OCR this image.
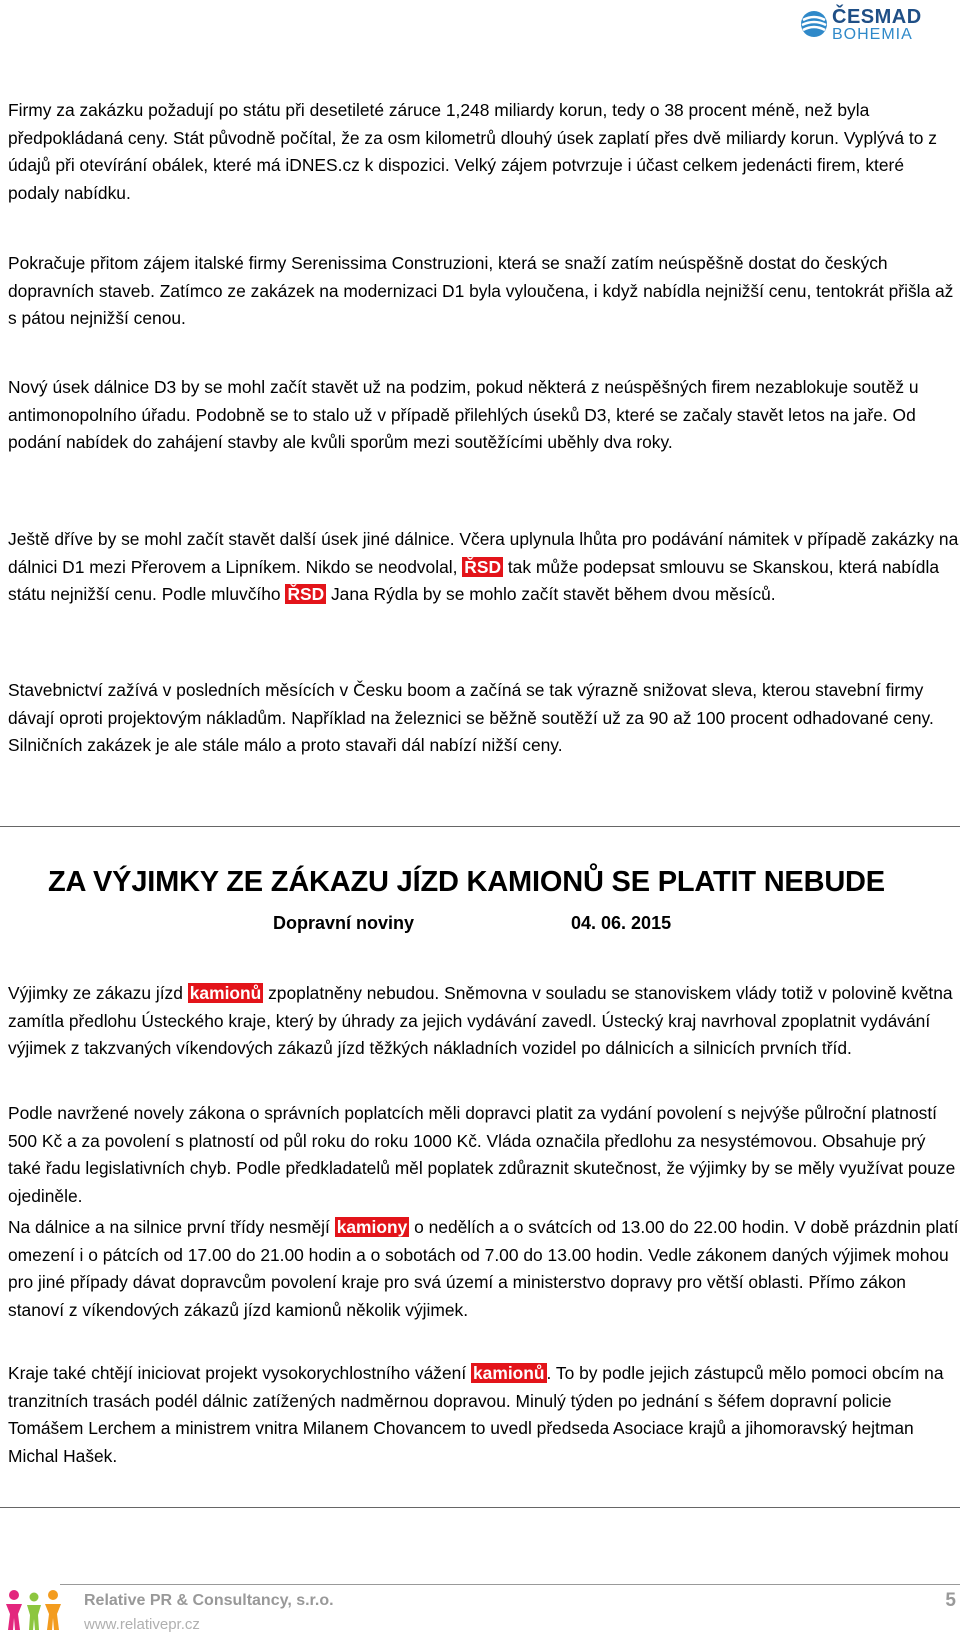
ČESMAD
BOHEMIA

Firmy za zakázku požadují po státu při desetileté záruce 1,248 miliardy korun, tedy o 38 procent méně, než byla předpokládaná ceny. Stát původně počítal, že za osm kilometrů dlouhý úsek zaplatí přes dvě miliardy korun. Vyplývá to z údajů při otevírání obálek, které má iDNES.cz k dispozici. Velký zájem potvrzuje i účast celkem jedenácti firem, které podaly nabídku.

Pokračuje přitom zájem italské firmy Serenissima Construzioni, která se snaží zatím neúspěšně dostat do českých dopravních staveb. Zatímco ze zakázek na modernizaci D1 byla vyloučena, i když nabídla nejnižší cenu, tentokrát přišla až s pátou nejnižší cenou.

Nový úsek dálnice D3 by se mohl začít stavět už na podzim, pokud některá z neúspěšných firem nezablokuje soutěž u antimonopolního úřadu. Podobně se to stalo už v případě přilehlých úseků D3, které se začaly stavět letos na jaře. Od podání nabídek do zahájení stavby ale kvůli sporům mezi soutěžícími uběhly dva roky.

Ještě dříve by se mohl začít stavět další úsek jiné dálnice. Včera uplynula lhůta pro podávání námitek v případě zakázky na dálnici D1 mezi Přerovem a Lipníkem. Nikdo se neodvolal, ŘSD tak může podepsat smlouvu se Skanskou, která nabídla státu nejnižší cenu. Podle mluvčího ŘSD Jana Rýdla by se mohlo začít stavět během dvou měsíců.

Stavebnictví zažívá v posledních měsících v Česku boom a začíná se tak výrazně snižovat sleva, kterou stavební firmy dávají oproti projektovým nákladům. Například na železnici se běžně soutěží už za 90 až 100 procent odhadované ceny. Silničních zakázek je ale stále málo a proto stavaři dál nabízí nižší ceny.

ZA VÝJIMKY ZE ZÁKAZU JÍZD KAMIONŮ SE PLATIT NEBUDE
Dopravní noviny	04. 06. 2015

Výjimky ze zákazu jízd kamionů zpoplatněny nebudou. Sněmovna v souladu se stanoviskem vlády totiž v polovině května zamítla předlohu Ústeckého kraje, který by úhrady za jejich vydávání zavedl. Ústecký kraj navrhoval zpoplatnit vydávání výjimek z takzvaných víkendových zákazů jízd těžkých nákladních vozidel po dálnicích a silnicích prvních tříd.

Podle navržené novely zákona o správních poplatcích měli dopravci platit za vydání povolení s nejvýše půlroční platností 500 Kč a za povolení s platností od půl roku do roku 1000 Kč. Vláda označila předlohu za nesystémovou. Obsahuje prý také řadu legislativních chyb. Podle předkladatelů měl poplatek zdůraznit skutečnost, že výjimky by se měly využívat pouze ojediněle.

Na dálnice a na silnice první třídy nesmějí kamiony o nedělích a o svátcích od 13.00 do 22.00 hodin. V době prázdnin platí omezení i o pátcích od 17.00 do 21.00 hodin a o sobotách od 7.00 do 13.00 hodin. Vedle zákonem daných výjimek mohou pro jiné případy dávat dopravcům povolení kraje pro svá území a ministerstvo dopravy pro větší oblasti. Přímo zákon stanoví z víkendových zákazů jízd kamionů několik výjimek.

Kraje také chtějí iniciovat projekt vysokorychlostního vážení kamionů . To by podle jejich zástupců mělo pomoci obcím na tranzitních trasách podél dálnic zatížených nadměrnou dopravou. Minulý týden po jednání s šéfem dopravní policie Tomášem Lerchem a ministrem vnitra Milanem Chovancem to uvedl předseda Asociace krajů a jihomoravský hejtman Michal Hašek.

Relative PR & Consultancy, s.r.o.
www.relativepr.cz
5
